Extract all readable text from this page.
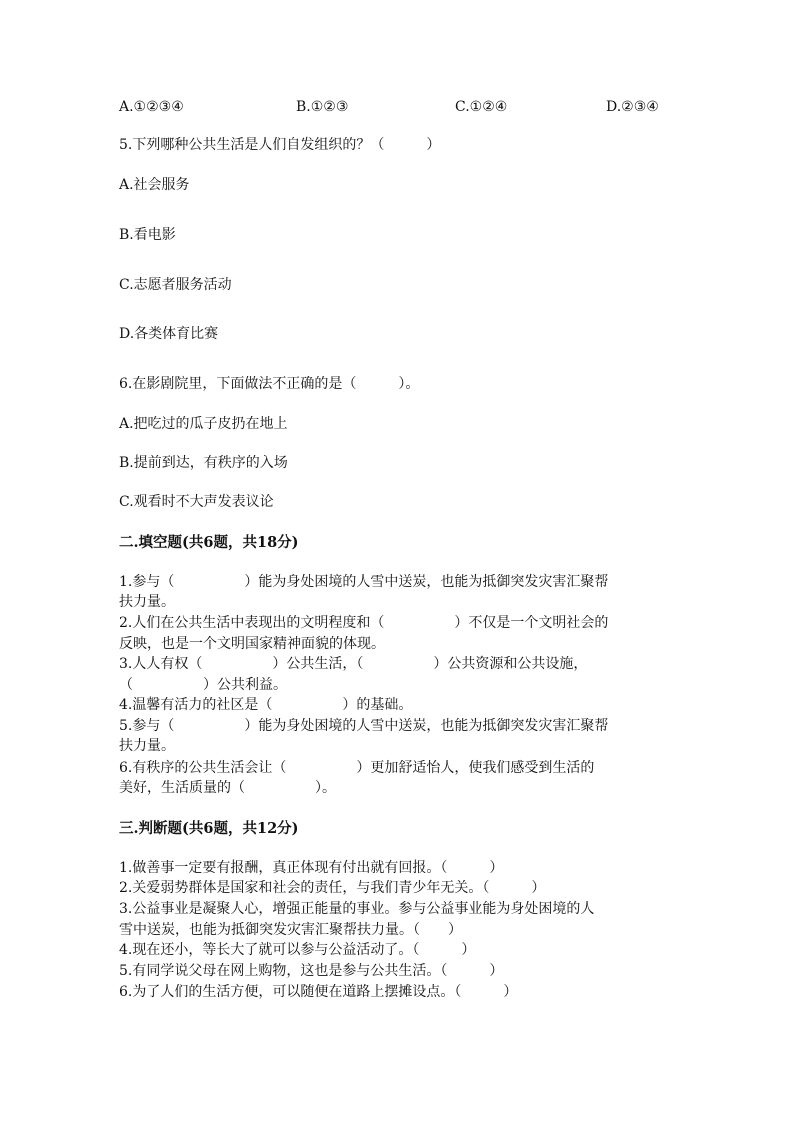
A.①②③④	B.①②③	C.①②④	D.②③④
5.下列哪种公共生活是人们自发组织的？（　　　）
A.社会服务
B.看电影
C.志愿者服务活动
D.各类体育比赛
6.在影剧院里，下面做法不正确的是（　　　）。
A.把吃过的瓜子皮扔在地上
B.提前到达，有秩序的入场
C.观看时不大声发表议论
二.填空题(共6题，共18分)
1.参与（　　　　　）能为身处困境的人雪中送炭，也能为抵御突发灾害汇聚帮
扶力量。
2.人们在公共生活中表现出的文明程度和（　　　　　）不仅是一个文明社会的
反映，也是一个文明国家精神面貌的体现。
3.人人有权（　　　　　）公共生活，（　　　　　）公共资源和公共设施，
（　　　　　）公共利益。
4.温馨有活力的社区是（　　　　　）的基础。
5.参与（　　　　　）能为身处困境的人雪中送炭，也能为抵御突发灾害汇聚帮
扶力量。
6.有秩序的公共生活会让（　　　　　）更加舒适怡人，使我们感受到生活的
美好，生活质量的（　　　　　）。
三.判断题(共6题，共12分)
1.做善事一定要有报酬，真正体现有付出就有回报。（　　　）
2.关爱弱势群体是国家和社会的责任，与我们青少年无关。（　　　）
3.公益事业是凝聚人心，增强正能量的事业。参与公益事业能为身处困境的人
雪中送炭，也能为抵御突发灾害汇聚帮扶力量。（　　）
4.现在还小，等长大了就可以参与公益活动了。（　　　）
5.有同学说父母在网上购物，这也是参与公共生活。（　　　）
6.为了人们的生活方便，可以随便在道路上摆摊设点。（　　　）
